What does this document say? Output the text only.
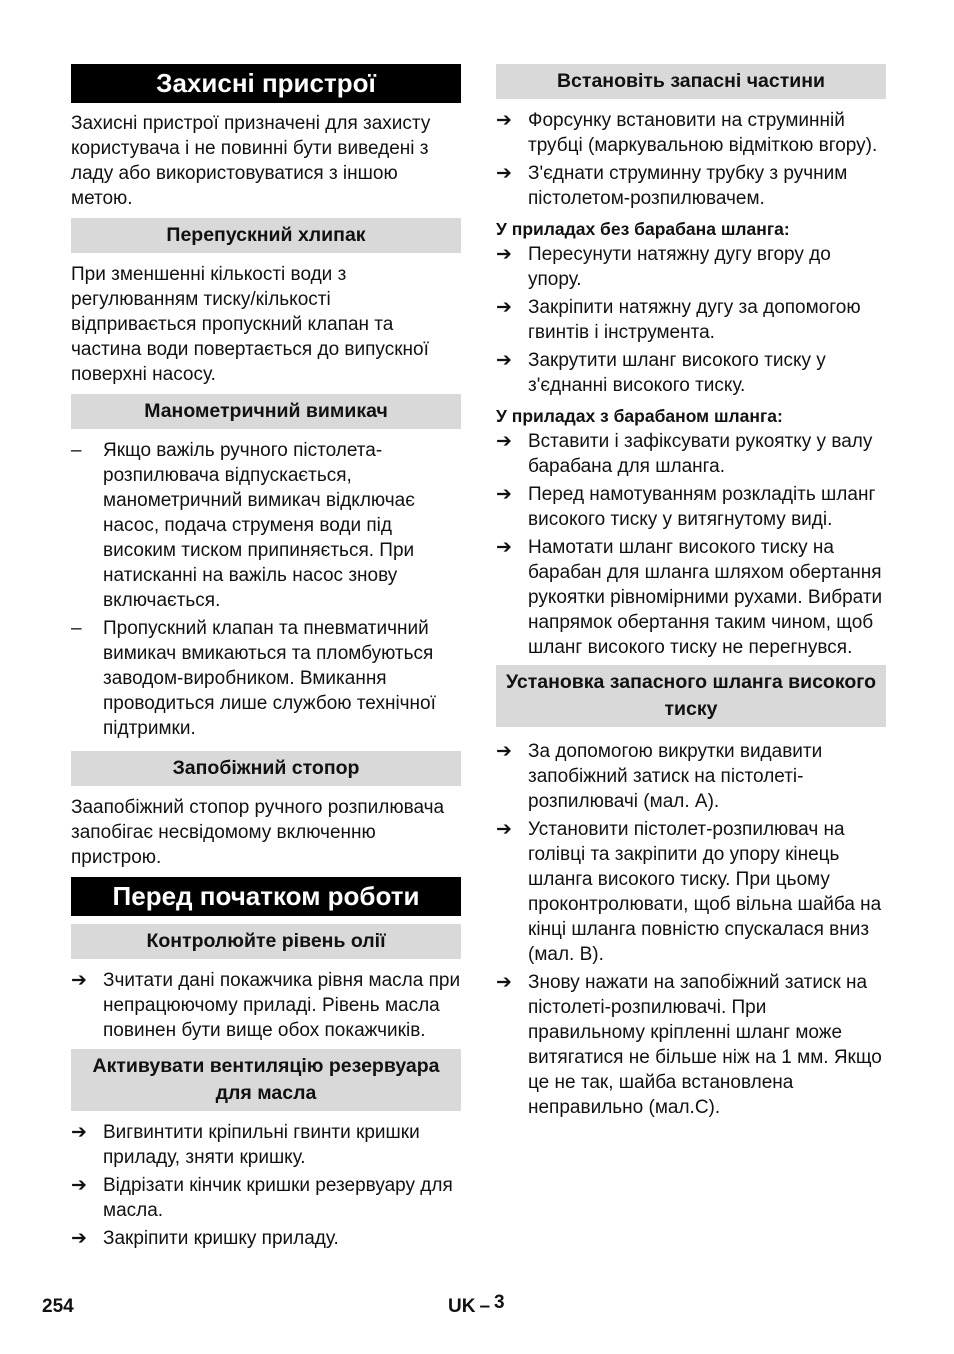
Захисні пристрої

Захисні пристрої призначені для захисту користувача і не повинні бути виведені з ладу або використовуватися з іншою метою.

Перепускний хлипак

При зменшенні кількості води з регулюванням тиску/кількості відпривається пропускний клапан та частина води повертається до випускної поверхні насосу.

Манометричний вимикач
–	Якщо важіль ручного пістолета-розпилювача відпускається, манометричний вимикач відключає насос, подача струменя води під високим тиском припиняється. При натисканні на важіль насос знову включається.
–	Пропускний клапан та пневматичний вимикач вмикаються та пломбуються заводом-виробником. Вмикання проводиться лише службою технічної підтримки.
Запобіжний стопор

Заапобіжний стопор ручного розпилювача запобігає несвідомому включенню пристрою.

Перед початком роботи
Контролюйте рівень олії
➔ Зчитати дані покажчика рівня масла при непрацюючому приладі. Рівень масла повинен бути вище обох покажчиків.
Активувати вентиляцію резервуара для масла
➔ Вигвинтити кріпильні гвинти кришки приладу, зняти кришку.
➔ Відрізати кінчик кришки резервуару для масла.
➔ Закріпити кришку приладу.
Встановіть запасні частини
➔ Форсунку встановити на струминній трубці (маркувальною відміткою вгору).
➔ З'єднати струминну трубку з ручним пістолетом-розпилювачем.
У приладах без барабана шланга:
➔ Пересунути натяжну дугу вгору до упору.
➔ Закріпити натяжну дугу за допомогою гвинтів і інструмента.
➔ Закрутити шланг високого тиску у з'єднанні високого тиску.
У приладах з барабаном шланга:
➔ Вставити і зафіксувати рукоятку у валу барабана для шланга.
➔ Перед намотуванням розкладіть шланг високого тиску у витягнутому виді.
➔ Намотати шланг високого тиску на барабан для шланга шляхом обертання рукоятки рівномірними рухами. Вибрати напрямок обертання таким чином, щоб шланг високого тиску не перегнувся.
Установка запасного шланга високого тиску
➔ За допомогою викрутки видавити запобіжний затиск на пістолеті-розпилювачі (мал. А).
➔ Установити пістолет-розпилювач на голівці та закріпити до упору кінець шланга високого тиску. При цьому проконтролювати, щоб вільна шайба на кінці шланга повністю спускалася вниз (мал. В).
➔ Знову нажати на запобіжний затиск на пістолеті-розпилювачі. При правильному кріпленні шланг може витягатися не більше ніж на 1 мм. Якщо це не так, шайба встановлена неправильно (мал.С).
254	UK – 3
